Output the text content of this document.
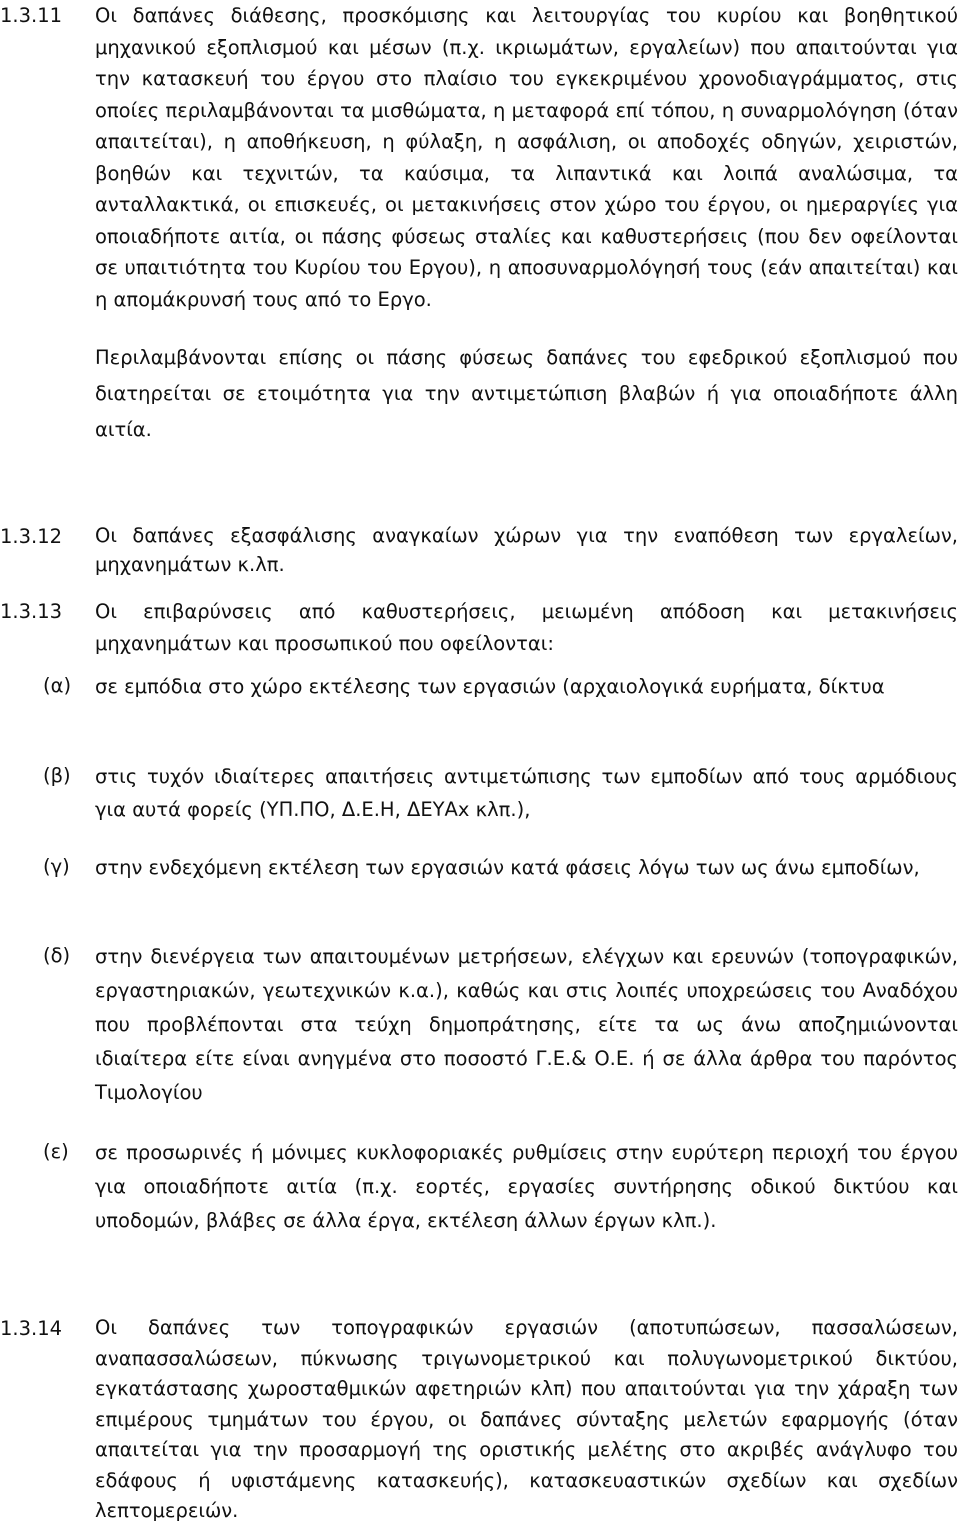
1.3.11	Οι δαπάνες διάθεσης, προσκόμισης και λειτουργίας του κυρίου και βοηθητικού μηχανικού εξοπλισμού και μέσων (π.χ. ικριωμάτων, εργαλείων) που απαιτούνται για την κατασκευή του έργου στο πλαίσιο του εγκεκριμένου χρονοδιαγράμματος, στις οποίες περιλαμβάνονται τα μισθώματα, η μεταφορά επί τόπου, η συναρμολόγηση (όταν απαιτείται), η αποθήκευση, η φύλαξη, η ασφάλιση, οι αποδοχές οδηγών, χειριστών, βοηθών και τεχνιτών, τα καύσιμα, τα λιπαντικά και λοιπά αναλώσιμα, τα ανταλλακτικά, οι επισκευές, οι μετακινήσεις στον χώρο του έργου, οι ημεραργίες για οποιαδήποτε αιτία, οι πάσης φύσεως σταλίες και καθυστερήσεις (που δεν οφείλονται σε υπαιτιότητα του Κυρίου του Εργου), η αποσυναρμολόγησή τους (εάν απαιτείται) και η απομάκρυνσή τους από το Εργο.

Περιλαμβάνονται επίσης οι πάσης φύσεως δαπάνες του εφεδρικού εξοπλισμού που διατηρείται σε ετοιμότητα για την αντιμετώπιση βλαβών ή για οποιαδήποτε άλλη αιτία.

1.3.12	Οι δαπάνες εξασφάλισης αναγκαίων χώρων για την εναπόθεση των εργαλείων, μηχανημάτων κ.λπ.

1.3.13	Οι επιβαρύνσεις από καθυστερήσεις, μειωμένη απόδοση και μετακινήσεις μηχανημάτων και προσωπικού που οφείλονται:

(α) σε εμπόδια στο χώρο εκτέλεσης των εργασιών (αρχαιολογικά ευρήματα, δίκτυα

(β) στις τυχόν ιδιαίτερες απαιτήσεις αντιμετώπισης των εμποδίων από τους αρμόδιους για αυτά φορείς (ΥΠ.ΠΟ, Δ.Ε.Η, ΔΕΥΑx κλπ.),

(γ) στην ενδεχόμενη εκτέλεση των εργασιών κατά φάσεις λόγω των ως άνω εμποδίων,

(δ) στην διενέργεια των απαιτουμένων μετρήσεων, ελέγχων και ερευνών (τοπογραφικών, εργαστηριακών, γεωτεχνικών κ.α.), καθώς και στις λοιπές υποχρεώσεις του Αναδόχου που προβλέπονται στα τεύχη δημοπράτησης, είτε τα ως άνω αποζημιώνονται ιδιαίτερα είτε είναι ανηγμένα στο ποσοστό Γ.Ε.& Ο.Ε. ή σε άλλα άρθρα του παρόντος Τιμολογίου

(ε) σε προσωρινές ή μόνιμες κυκλοφοριακές ρυθμίσεις στην ευρύτερη περιοχή του έργου για οποιαδήποτε αιτία (π.χ. εορτές, εργασίες συντήρησης οδικού δικτύου και υποδομών, βλάβες σε άλλα έργα, εκτέλεση άλλων έργων κλπ.).

1.3.14	Οι δαπάνες των τοπογραφικών εργασιών (αποτυπώσεων, πασσαλώσεων, αναπασσαλώσεων, πύκνωσης τριγωνομετρικού και πολυγωνομετρικού δικτύου, εγκατάστασης χωροσταθμικών αφετηριών κλπ) που απαιτούνται για την χάραξη των επιμέρους τμημάτων του έργου, οι δαπάνες σύνταξης μελετών εφαρμογής (όταν απαιτείται για την προσαρμογή της οριστικής μελέτης στο ακριβές ανάγλυφο του εδάφους ή υφιστάμενης κατασκευής), κατασκευαστικών σχεδίων και σχεδίων λεπτομερειών.
